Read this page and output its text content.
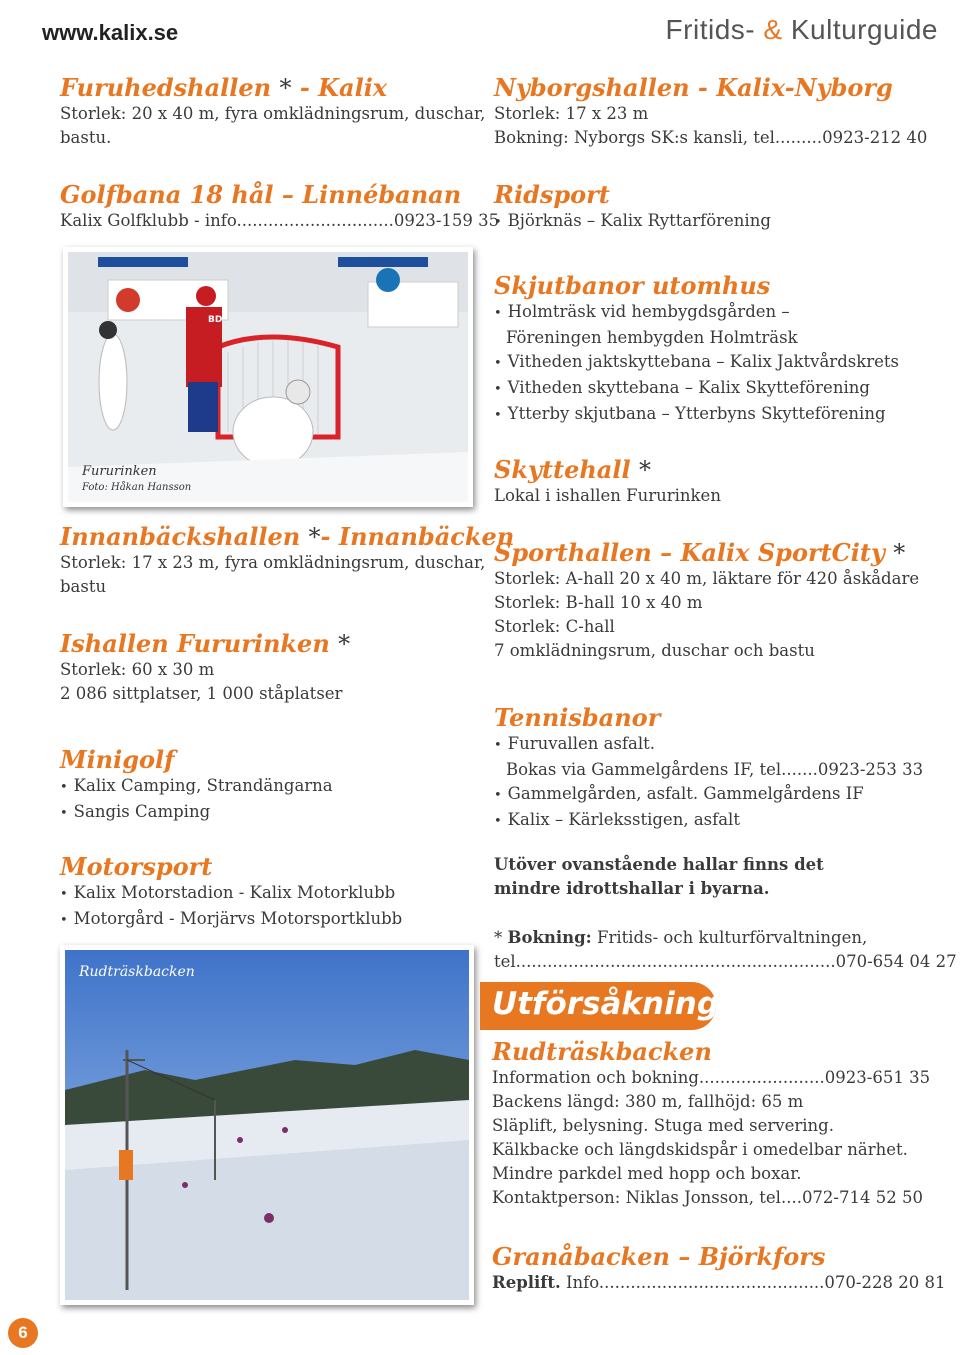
www.kalix.se	Fritids- & Kulturguide
Furuhedshallen * - Kalix
Storlek: 20 x 40 m, fyra omklädningsrum, duschar,
bastu.
Golfbana 18 hål – Linnébanan
Kalix Golfklubb - info..............................0923-159 35
Innanbäckshallen *- Innanbäcken
Storlek: 17 x 23 m, fyra omklädningsrum, duschar,
bastu
Ishallen Fururinken *
Storlek: 60 x 30 m
2 086 sittplatser, 1 000 ståplatser
Minigolf
• Kalix Camping, Strandängarna
• Sangis Camping
Motorsport
• Kalix Motorstadion - Kalix Motorklubb
• Motorgård - Morjärvs Motorsportklubb
BD
Fururinken
Foto: Håkan Hansson
Rudträskbacken
Nyborgshallen - Kalix-Nyborg
Storlek: 17 x 23 m
Bokning: Nyborgs SK:s kansli, tel.........0923-212 40
Ridsport
• Björknäs – Kalix Ryttarförening
Skjutbanor utomhus
• Holmträsk vid hembygdsgården –
Föreningen hembygden Holmträsk
• Vitheden jaktskyttebana – Kalix Jaktvårdskrets
• Vitheden skyttebana – Kalix Skytteförening
• Ytterby skjutbana – Ytterbyns Skytteförening
Skyttehall *
Lokal i ishallen Fururinken
Sporthallen – Kalix SportCity *
Storlek: A-hall 20 x 40 m, läktare för 420 åskådare
Storlek: B-hall 10 x 40 m
Storlek: C-hall
7 omklädningsrum, duschar och bastu
Tennisbanor
• Furuvallen asfalt.
Bokas via Gammelgårdens IF, tel.......0923-253 33
• Gammelgården, asfalt. Gammelgårdens IF
• Kalix – Kärleksstigen, asfalt
Utöver ovanstående hallar finns det
mindre idrottshallar i byarna.
* Bokning: Fritids- och kulturförvaltningen,
tel.............................................................070-654 04 27
Utförsåkning
Rudträskbacken
Information och bokning........................0923-651 35
Backens längd: 380 m, fallhöjd: 65 m
Släplift, belysning. Stuga med servering.
Kälkbacke och längdskidspår i omedelbar närhet.
Mindre parkdel med hopp och boxar.
Kontaktperson: Niklas Jonsson, tel....072-714 52 50
Granåbacken – Björkfors
Replift. Info...........................................070-228 20 81
6
